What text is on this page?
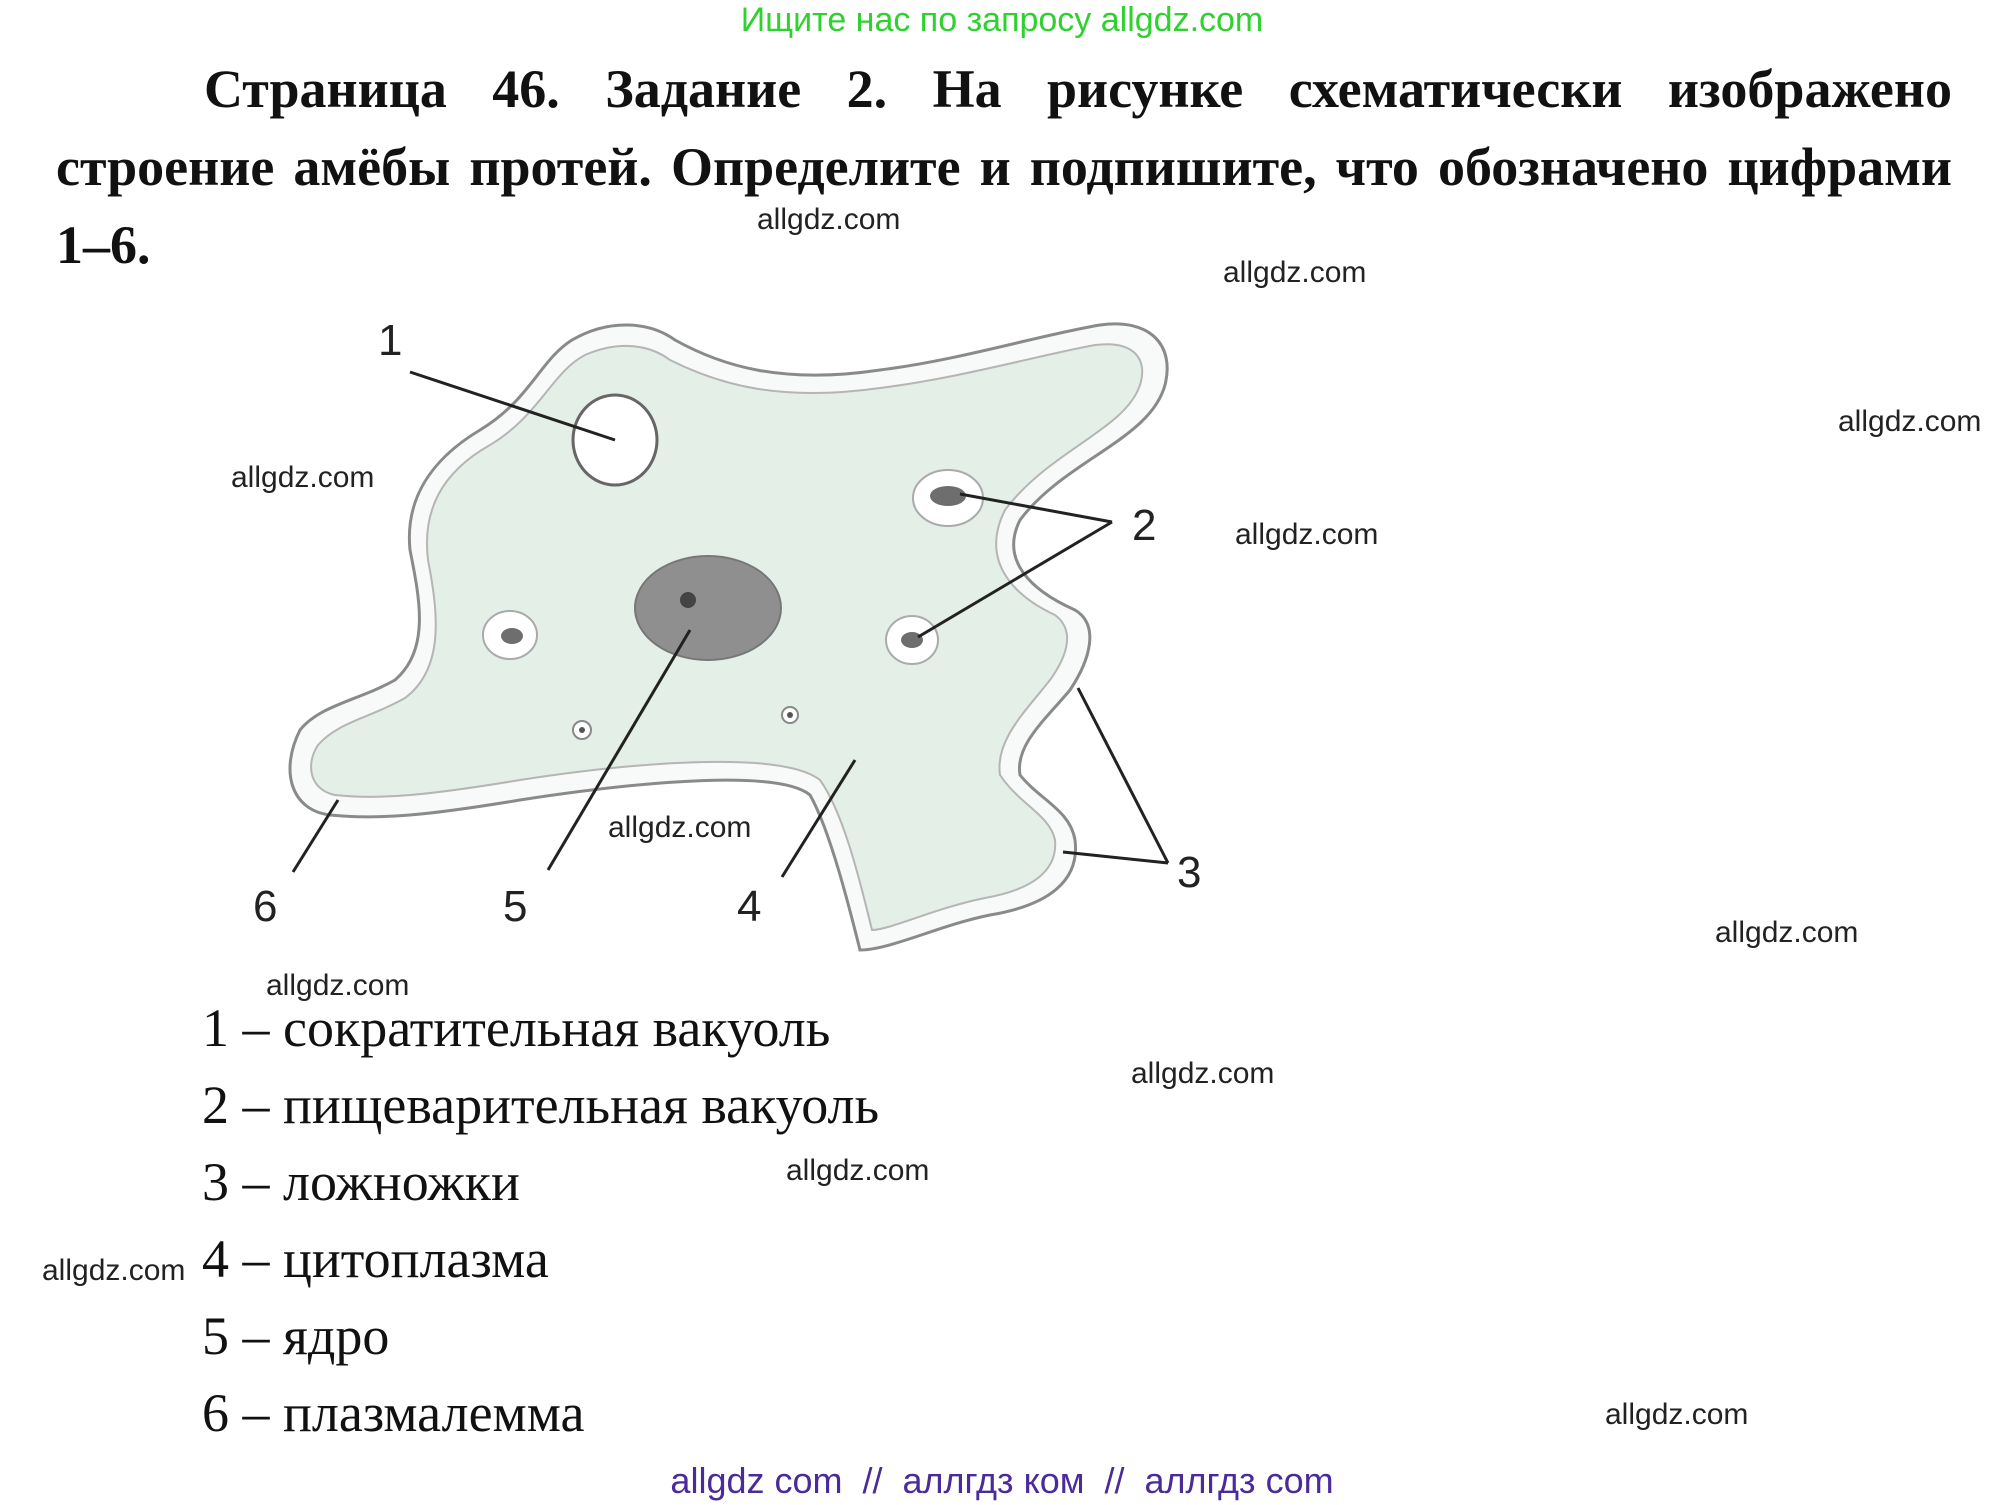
Ищите нас по запросу allgdz.com
Страница 46. Задание 2. На рисунке схематически изображено строение амёбы протей. Определите и подпишите, что обозначено цифрами 1–6.
1
2
3
4
5
6
1 – сократительная вакуоль
2 – пищеварительная вакуоль
3 – ложножки
4 – цитоплазма
5 – ядро
6 – плазмалемма
allgdz.com
allgdz.com
allgdz.com
allgdz.com
allgdz.com
allgdz.com
allgdz.com
allgdz.com
allgdz.com
allgdz.com
allgdz.com
allgdz.com
allgdz com  //  аллгдз ком  //  аллгдз com
